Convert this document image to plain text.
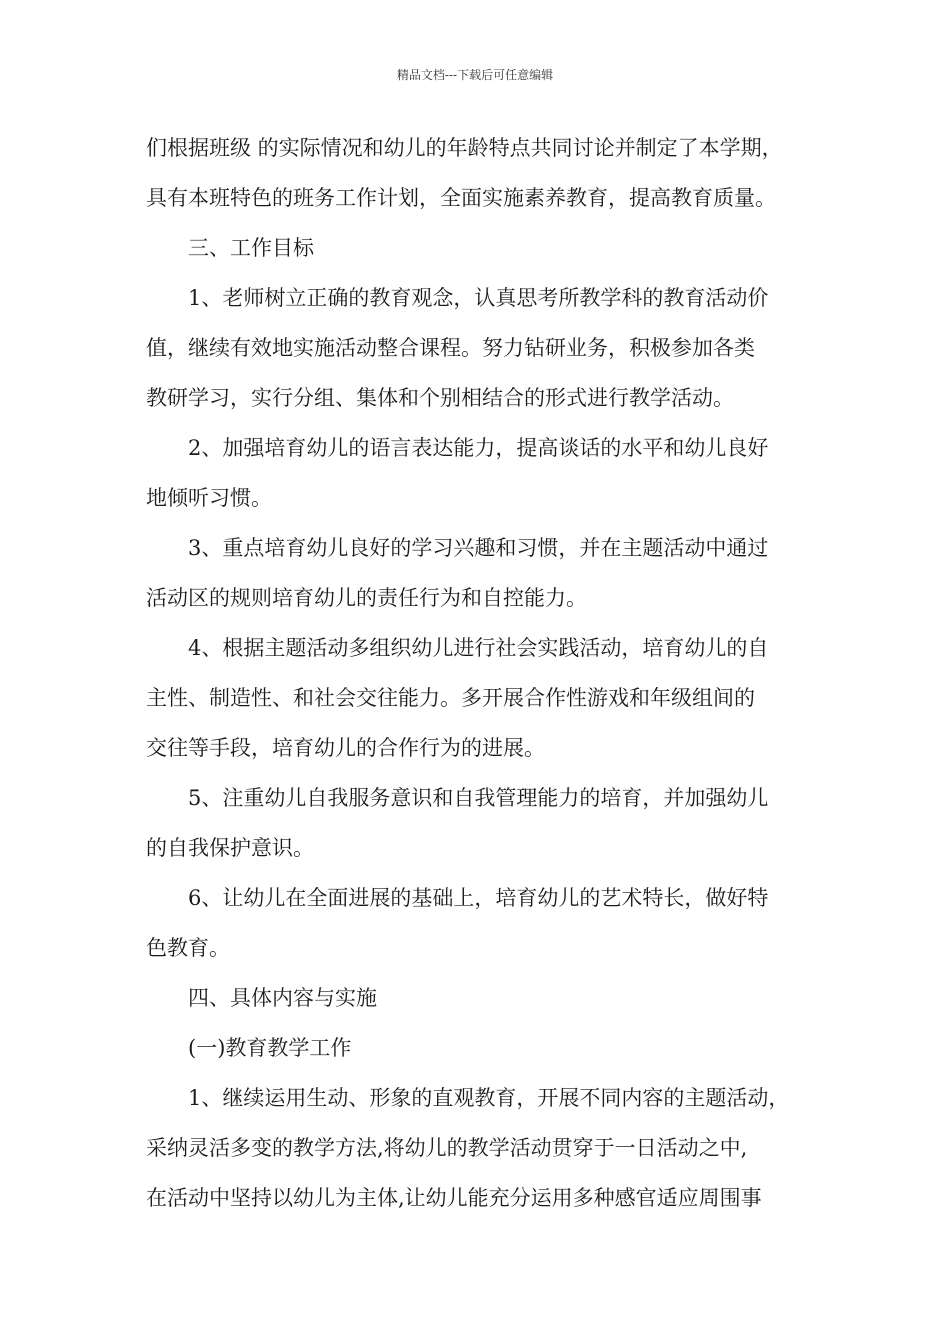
精品文档---下载后可任意编辑
们根据班级 的实际情况和幼儿的年龄特点共同讨论并制定了本学期，
具有本班特色的班务工作计划，全面实施素养教育，提高教育质量。
三、工作目标
1、老师树立正确的教育观念，认真思考所教学科的教育活动价
值，继续有效地实施活动整合课程。努力钻研业务，积极参加各类
教研学习，实行分组、集体和个别相结合的形式进行教学活动。
2、加强培育幼儿的语言表达能力，提高谈话的水平和幼儿良好
地倾听习惯。
3、重点培育幼儿良好的学习兴趣和习惯，并在主题活动中通过
活动区的规则培育幼儿的责任行为和自控能力。
4、根据主题活动多组织幼儿进行社会实践活动，培育幼儿的自
主性、制造性、和社会交往能力。多开展合作性游戏和年级组间的
交往等手段，培育幼儿的合作行为的进展。
5、注重幼儿自我服务意识和自我管理能力的培育，并加强幼儿
的自我保护意识。
6、让幼儿在全面进展的基础上，培育幼儿的艺术特长，做好特
色教育。
四、具体内容与实施
(一)教育教学工作
1、继续运用生动、形象的直观教育，开展不同内容的主题活动，
采纳灵活多变的教学方法,将幼儿的教学活动贯穿于一日活动之中,
在活动中坚持以幼儿为主体,让幼儿能充分运用多种感官适应周围事
